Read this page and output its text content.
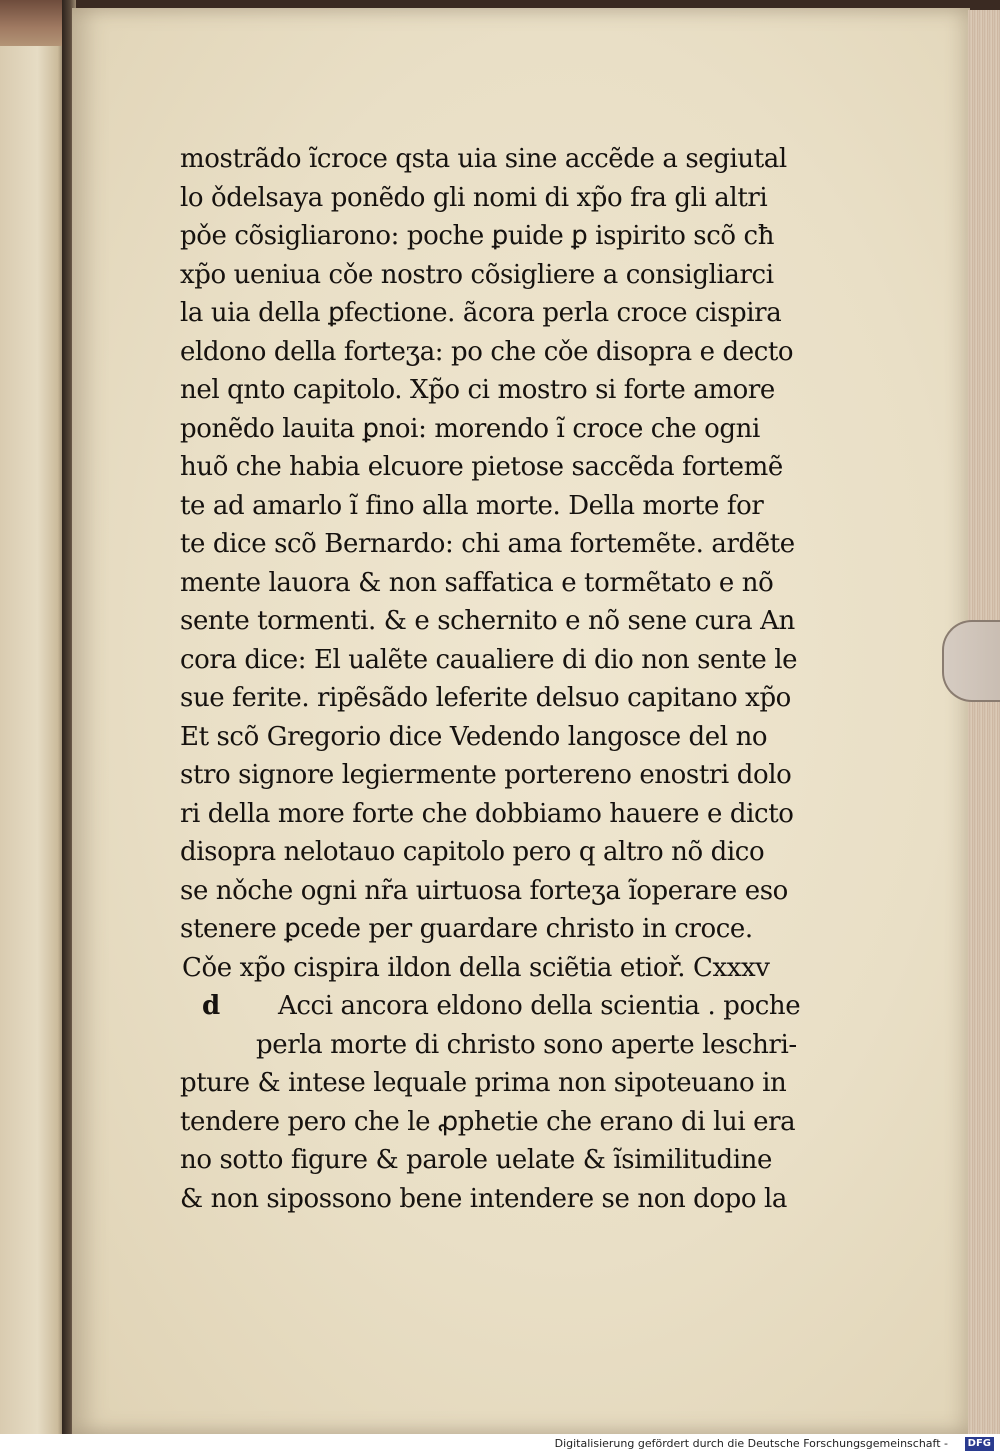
mostrãdo ĩcroce qsta uia sine accẽde a segiutal
lo ǒdelsaya ponẽdo gli nomi di xp̃o fra gli altri
pǒe cõsigliarono: poche ꝑuide ꝑ ispirito scõ cħ
xp̃o ueniua cǒe nostro cõsigliere a consigliarci
la uia della ꝑfectione. ãcora perla croce cispira
eldono della forteʒa: po che cǒe disopra e decto
nel qnto capitolo. Xp̃o ci mostro si forte amore
ponẽdo lauita ꝑnoi: morendo ĩ croce che ogni
huõ che habia elcuore pietose saccẽda fortemẽ
te ad amarlo ĩ fino alla morte. Della morte for
te dice scõ Bernardo: chi ama fortemẽte. ardẽte
mente lauora & non saffatica e tormẽtato e nõ
sente tormenti. & e schernito e nõ sene cura An
cora dice: El ualẽte caualiere di dio non sente le
sue ferite. ripẽsãdo leferite delsuo capitano xp̃o
Et scõ Gregorio dice Vedendo langosce del no
stro signore legiermente portereno enostri dolo
ri della more forte che dobbiamo hauere e dicto
disopra nelotauo capitolo pero q altro nõ dico
se nǒche ogni nr̃a uirtuosa forteʒa ĩoperare eso
stenere ꝑcede per guardare christo in croce.
Cǒe xp̃o cispira ildon della sciẽtia etioř. Cxxxv
d Acci ancora eldono della scientia . poche
perla morte di christo sono aperte leschri-
pture & intese lequale prima non sipoteuano in
tendere pero che le ꝓphetie che erano di lui era
no sotto figure & parole uelate & ĩsimilitudine
& non sipossono bene intendere se non dopo la
Digitalisierung gefördert durch die Deutsche Forschungsgemeinschaft -	DFG
